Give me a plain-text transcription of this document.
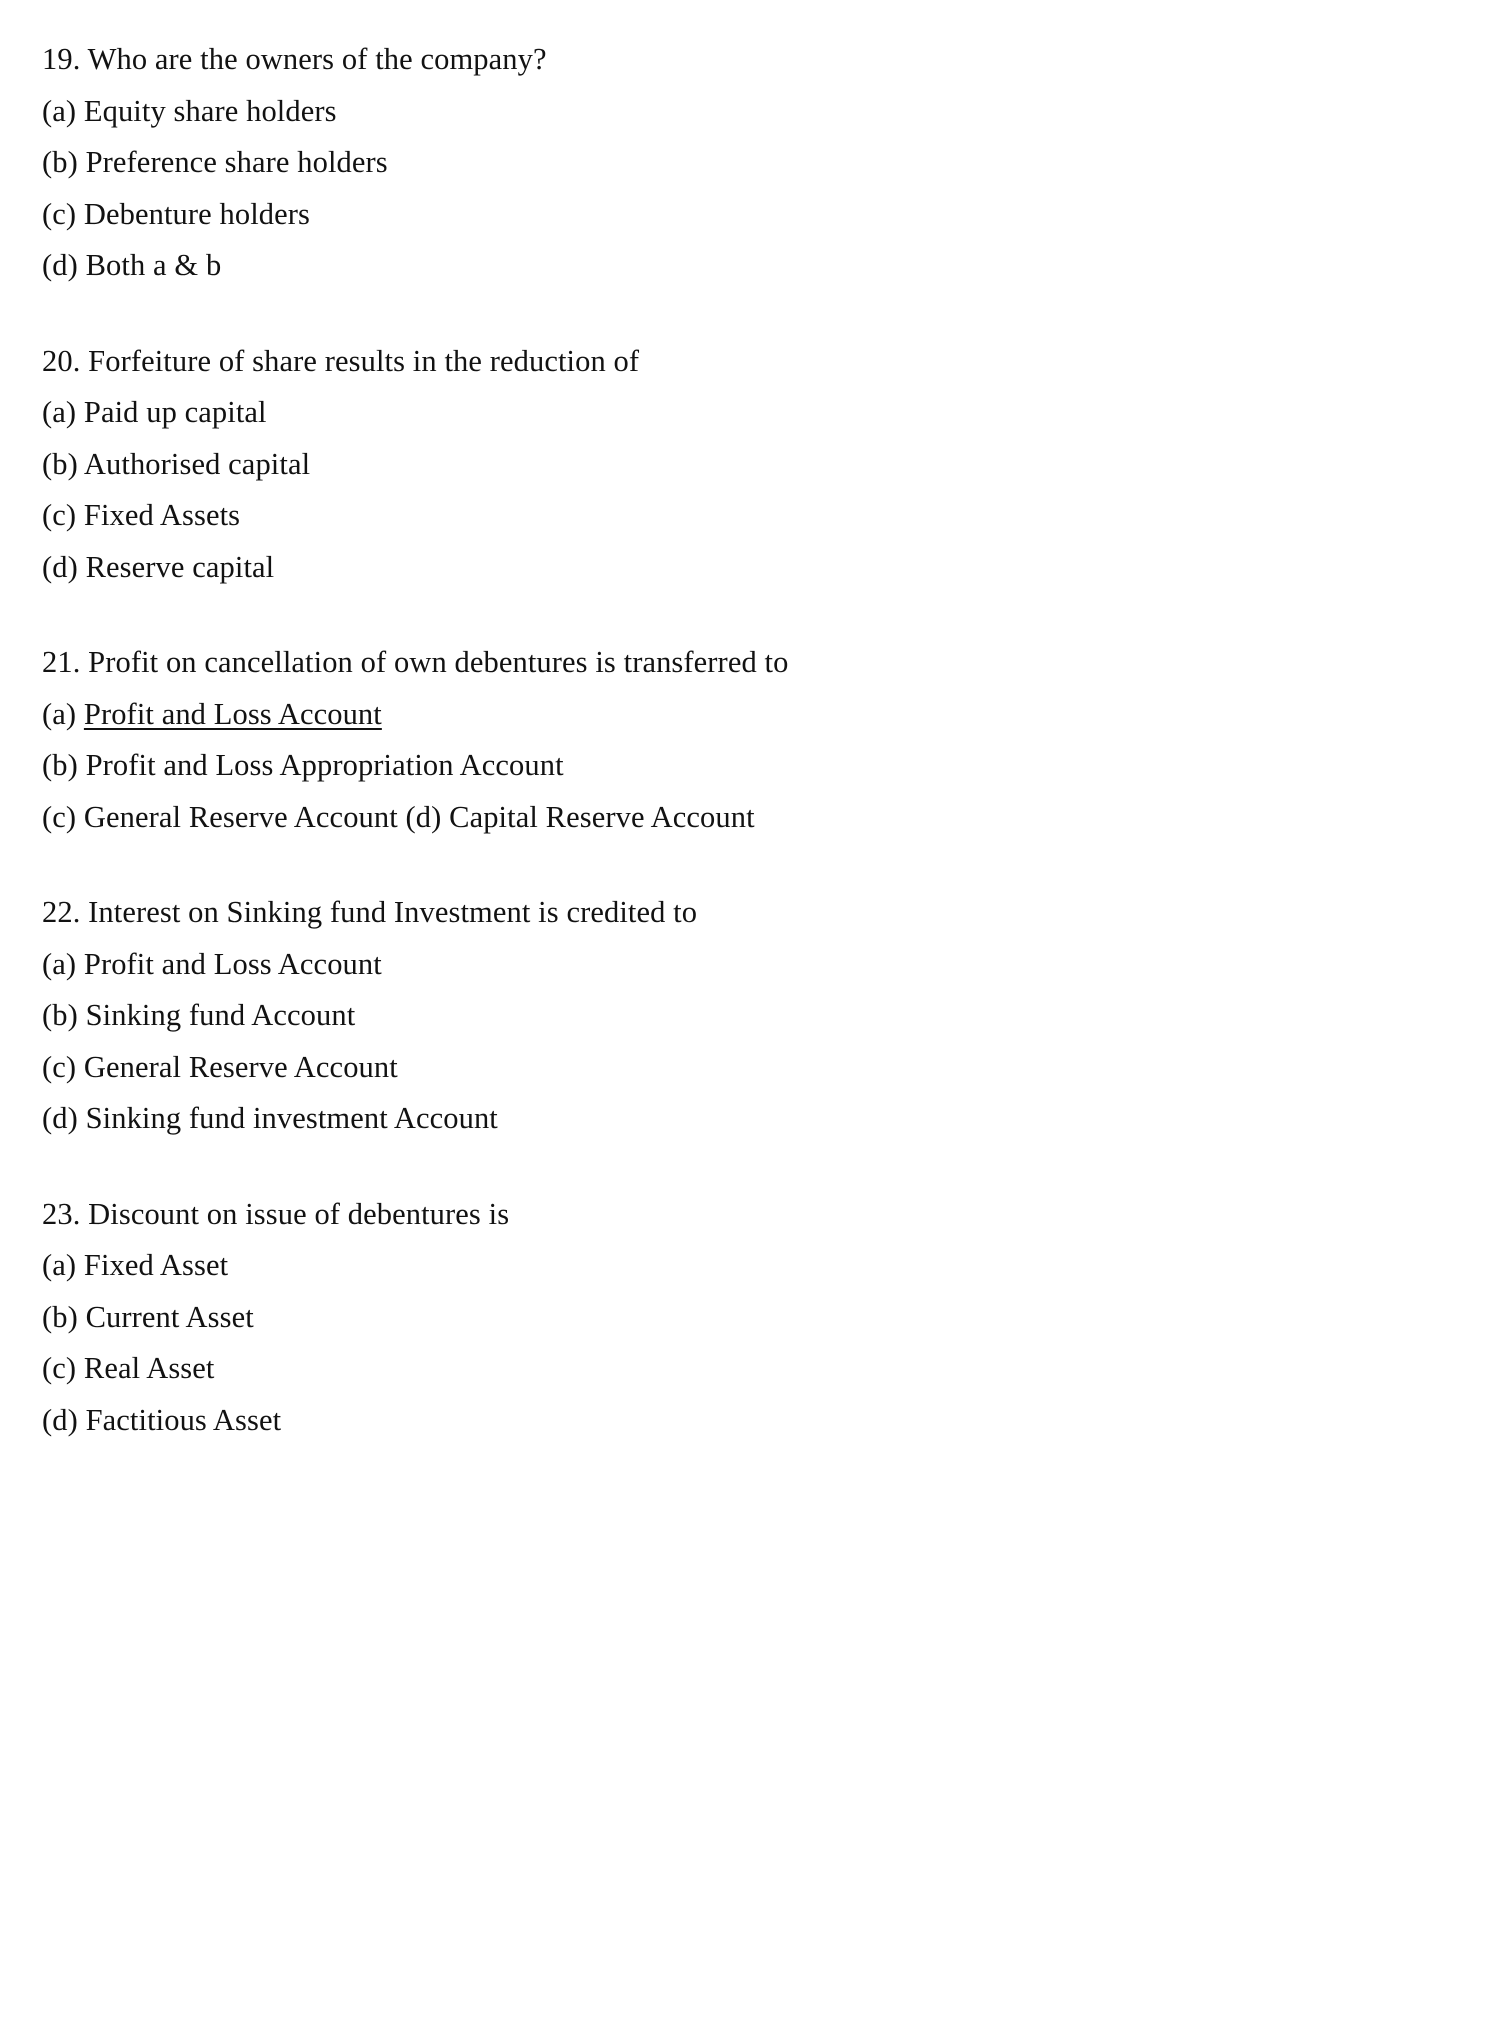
19. Who are the owners of the company?
(a) Equity share holders
(b) Preference share holders
(c) Debenture holders
(d) Both a & b
20. Forfeiture of share results in the reduction of
(a) Paid up capital
(b) Authorised capital
(c) Fixed Assets
(d) Reserve capital
21. Profit on cancellation of own debentures is transferred to
(a) Profit and Loss Account
(b) Profit and Loss Appropriation Account
(c) General Reserve Account (d) Capital Reserve Account
22. Interest on Sinking fund Investment is credited to
(a) Profit and Loss Account
(b) Sinking fund Account
(c) General Reserve Account
(d) Sinking fund investment Account
23. Discount on issue of debentures is
(a) Fixed Asset
(b) Current Asset
(c) Real Asset
(d) Factitious Asset
